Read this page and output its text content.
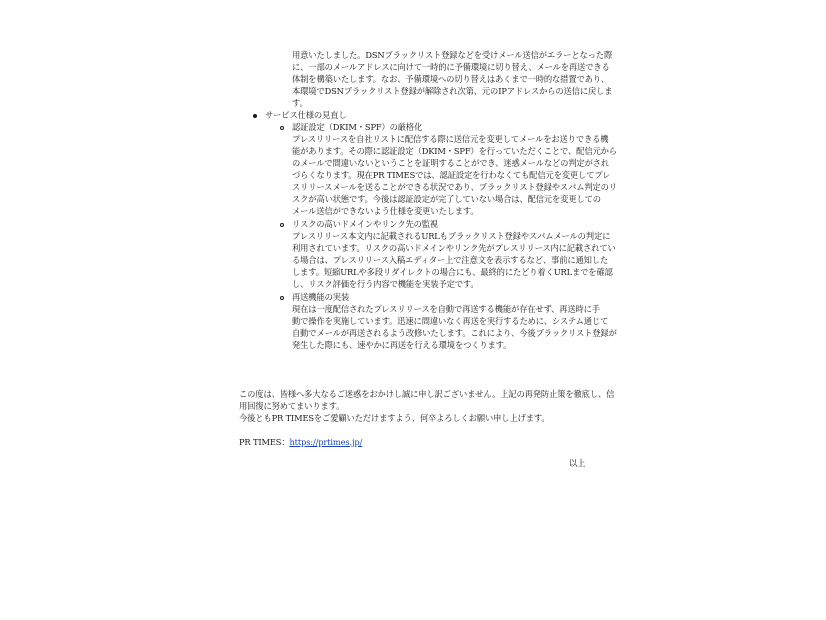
用意いたしました。DSNブラックリスト登録などを受けメール送信がエラーとなった際
に、一部のメールアドレスに向けて一時的に予備環境に切り替え、メールを再送できる
体制を構築いたします。なお、予備環境への切り替えはあくまで一時的な措置であり、
本環境でDSNブラックリスト登録が解除され次第、元のIPアドレスからの送信に戻しま
す。
サービス仕様の見直し
認証設定（DKIM・SPF）の厳格化
プレスリリースを自社リストに配信する際に送信元を変更してメールをお送りできる機
能があります。その際に認証設定（DKIM・SPF）を行っていただくことで、配信元から
のメールで間違いないということを証明することができ、迷惑メールなどの判定がされ
づらくなります。現在PR TIMESでは、認証設定を行わなくても配信元を変更してプレ
スリリースメールを送ることができる状況であり、ブラックリスト登録やスパム判定のリ
スクが高い状態です。今後は認証設定が完了していない場合は、配信元を変更しての
メール送信ができないよう仕様を変更いたします。
リスクの高いドメインやリンク先の監視
プレスリリース本文内に記載されるURLもブラックリスト登録やスパムメールの判定に
利用されています。リスクの高いドメインやリンク先がプレスリリース内に記載されてい
る場合は、プレスリリース入稿エディター上で注意文を表示するなど、事前に通知した
します。短縮URLや多段リダイレクトの場合にも、最終的にたどり着くURLまでを確認
し、リスク評価を行う内容で機能を実装予定です。
再送機能の実装
現在は一度配信されたプレスリリースを自動で再送する機能が存在せず、再送時に手
動で操作を実施しています。迅速に間違いなく再送を実行するために、システム通じて
自動でメールが再送されるよう改修いたします。これにより、今後ブラックリスト登録が
発生した際にも、速やかに再送を行える環境をつくります。
この度は、皆様へ多大なるご迷惑をおかけし誠に申し訳ございません。上記の再発防止策を徹底し、信
用回復に努めてまいります。
今後ともPR TIMESをご愛顧いただけますよう、何卒よろしくお願い申し上げます。
PR TIMES：https://prtimes.jp/
以上
